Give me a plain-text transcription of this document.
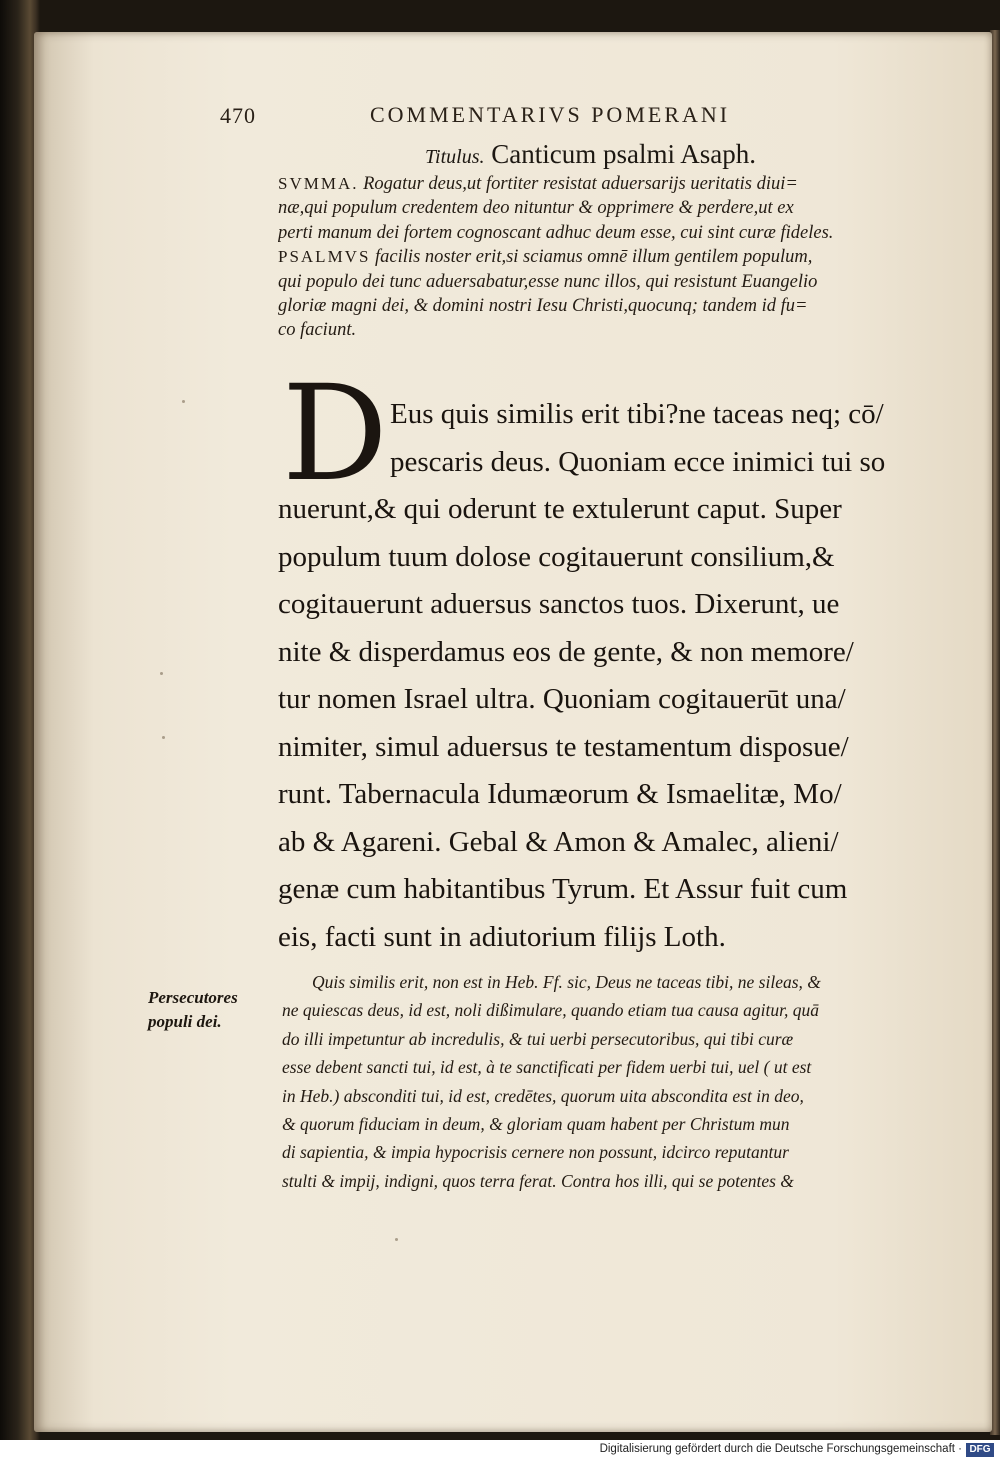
470	COMMENTARIVS POMERANI
Titulus. Canticum psalmi Asaph.
SVMMA. Rogatur deus,ut fortiter resistat aduersarijs ueritatis diui=
næ,qui populum credentem deo nituntur & opprimere & perdere,ut ex
perti manum dei fortem cognoscant adhuc deum esse, cui sint curæ fideles.
PSALMVS facilis noster erit,si sciamus omnē illum gentilem populum,
qui populo dei tunc aduersabatur,esse nunc illos, qui resistunt Euangelio
gloriæ magni dei, & domini nostri Iesu Christi,quocunq; tandem id fu=
co faciunt.
D Eus quis similis erit tibi?ne taceas neq; cō/
pescaris deus. Quoniam ecce inimici tui so
nuerunt,& qui oderunt te extulerunt caput. Super
populum tuum dolose cogitauerunt consilium,&
cogitauerunt aduersus sanctos tuos. Dixerunt, ue
nite & disperdamus eos de gente, & non memore/
tur nomen Israel ultra. Quoniam cogitauerūt una/
nimiter, simul aduersus te testamentum disposue/
runt. Tabernacula Idumæorum & Ismaelitæ, Mo/
ab & Agareni. Gebal & Amon & Amalec, alieni/
genæ cum habitantibus Tyrum. Et Assur fuit cum
eis, facti sunt in adiutorium filijs Loth.
Persecutores
populi dei.
Quis similis erit, non est in Heb. Ff. sic, Deus ne taceas tibi, ne sileas, &
ne quiescas deus, id est, noli dißimulare, quando etiam tua causa agitur, quā
do illi impetuntur ab incredulis, & tui uerbi persecutoribus, qui tibi curæ
esse debent sancti tui, id est, à te sanctificati per fidem uerbi tui, uel ( ut est
in Heb.) absconditi tui, id est, credētes, quorum uita abscondita est in deo,
& quorum fiduciam in deum, & gloriam quam habent per Christum mun
di sapientia, & impia hypocrisis cernere non possunt, idcirco reputantur
stulti & impij, indigni, quos terra ferat. Contra hos illi, qui se potentes &
Digitalisierung gefördert durch die Deutsche Forschungsgemeinschaft · DFG
